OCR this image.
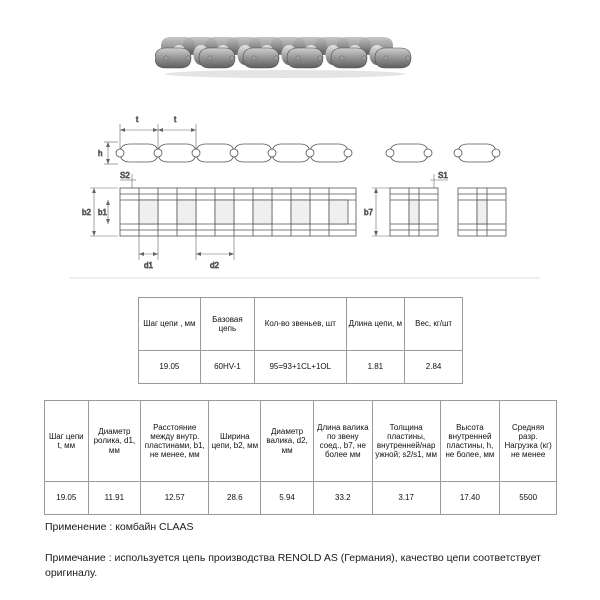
t	t
h
S2
b2 b1
d1	d2
S1
b7
Шаг цепи , мм	Базовая цепь	Кол-во звеньев, шт	Длина цепи, м	Вес, кг/шт
19.05	60HV-1	95=93+1CL+1OL	1.81	2.84
Шаг цепи t, мм	Диаметр ролика, d1, мм	Расстояние между внутр. пластинами, b1, не менее, мм	Ширина цепи, b2, мм	Диаметр валика, d2, мм	Длина валика по звену соед., b7, не более мм	Толщина пластины, внутренней/нар ужной; s2/s1, мм	Высота внутренней пластины, h, не более, мм	Средняя разр. Нагрузка (кг) не менее
19.05	11.91	12.57	28.6	5.94	33.2	3.17	17.40	5500

Применение : комбайн CLAAS

Примечание : используется цепь производства RENOLD AS (Германия), качество цепи соответствует оригиналу.
